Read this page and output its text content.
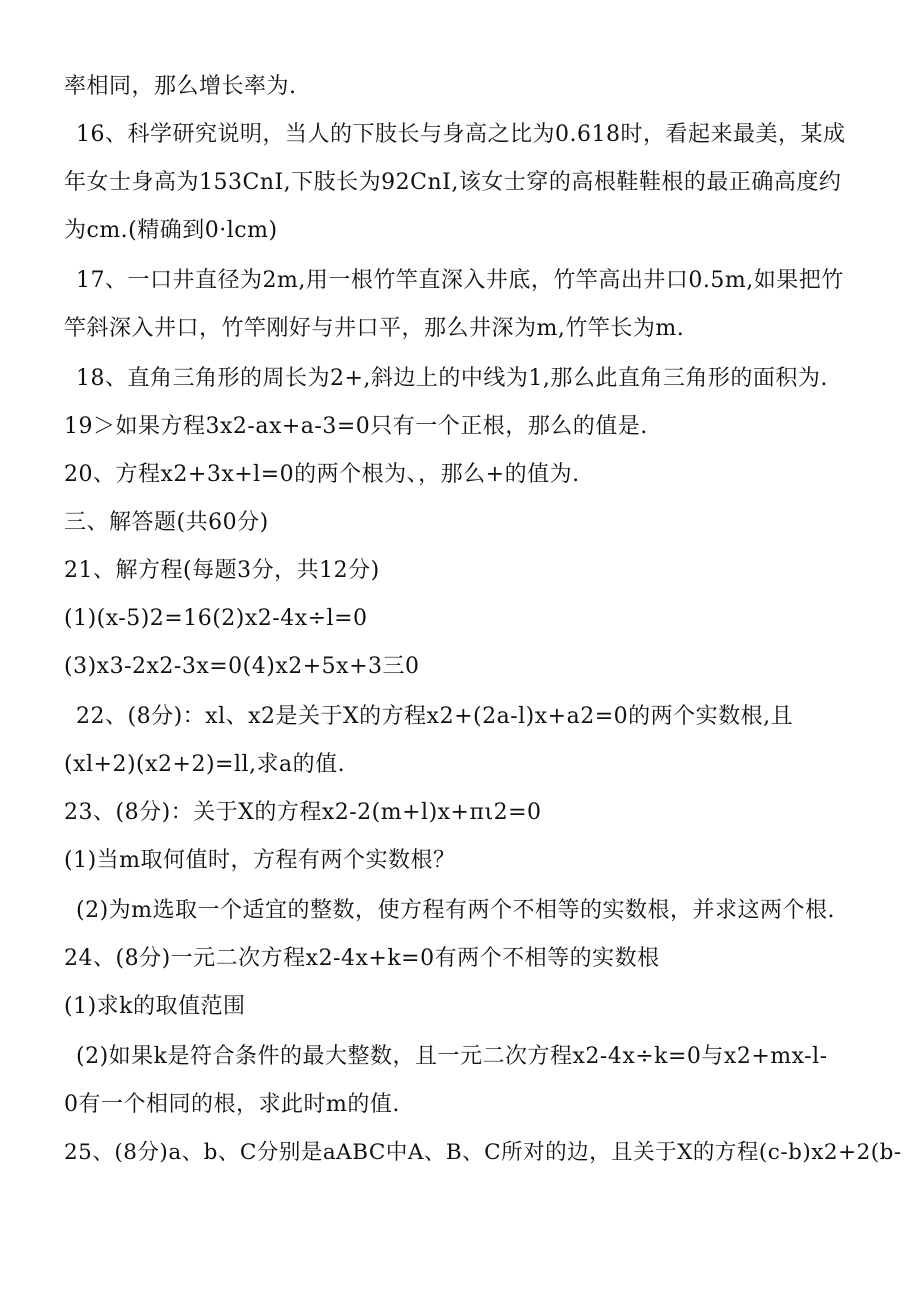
率相同，那么增长率为.
16、科学研究说明，当人的下肢长与身高之比为0.618时，看起来最美，某成
年女士身高为153CnI,下肢长为92CnI,该女士穿的高根鞋鞋根的最正确高度约
为cm.(精确到0·lcm)
17、一口井直径为2m,用一根竹竿直深入井底，竹竿高出井口0.5m,如果把竹
竿斜深入井口，竹竿刚好与井口平，那么井深为m,竹竿长为m.
18、直角三角形的周长为2+,斜边上的中线为1,那么此直角三角形的面积为.
19＞如果方程3x2-ax+a-3=0只有一个正根，那么的值是.
20、方程x2+3x+l=0的两个根为、，那么+的值为.
三、解答题(共60分)
21、解方程(每题3分，共12分)
(1)(x-5)2=16(2)x2-4x÷l=0
(3)x3-2x2-3x=0(4)x2+5x+3三0
22、(8分)：xl、x2是关于X的方程x2+(2a-l)x+a2=0的两个实数根,且
(xl+2)(x2+2)=ll,求a的值.
23、(8分)：关于X的方程x2-2(m+l)x+πι2=0
(1)当m取何值时，方程有两个实数根？
(2)为m选取一个适宜的整数，使方程有两个不相等的实数根，并求这两个根.
24、(8分)一元二次方程x2-4x+k=0有两个不相等的实数根
(1)求k的取值范围
(2)如果k是符合条件的最大整数，且一元二次方程x2-4x÷k=0与x2+mx-l-
0有一个相同的根，求此时m的值.
25、(8分)a、b、C分别是aABC中A、B、C所对的边，且关于X的方程(c-b)x2+2(b-
